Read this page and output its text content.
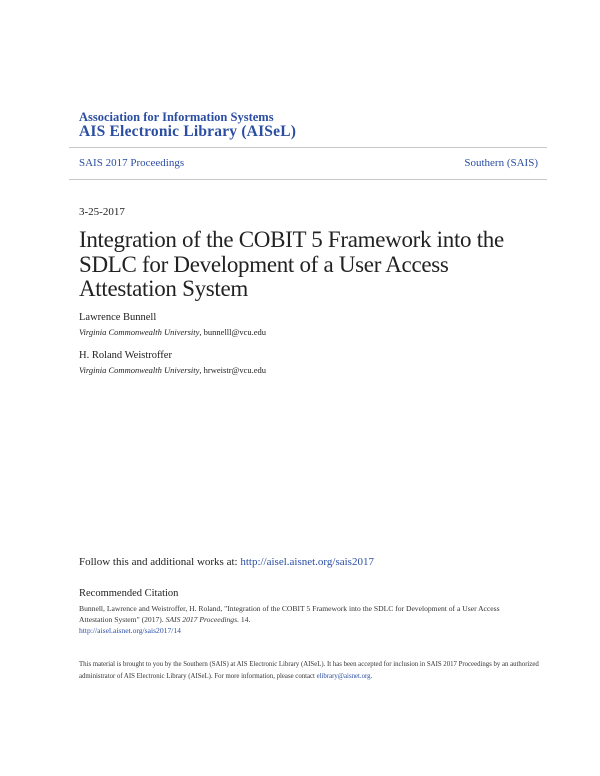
Association for Information Systems
AIS Electronic Library (AISeL)
SAIS 2017 Proceedings	Southern (SAIS)
3-25-2017
Integration of the COBIT 5 Framework into the SDLC for Development of a User Access Attestation System
Lawrence Bunnell
Virginia Commonwealth University, bunnelll@vcu.edu
H. Roland Weistroffer
Virginia Commonwealth University, hrweistr@vcu.edu
Follow this and additional works at: http://aisel.aisnet.org/sais2017
Recommended Citation
Bunnell, Lawrence and Weistroffer, H. Roland, "Integration of the COBIT 5 Framework into the SDLC for Development of a User Access Attestation System" (2017). SAIS 2017 Proceedings. 14.
http://aisel.aisnet.org/sais2017/14
This material is brought to you by the Southern (SAIS) at AIS Electronic Library (AISeL). It has been accepted for inclusion in SAIS 2017 Proceedings by an authorized administrator of AIS Electronic Library (AISeL). For more information, please contact elibrary@aisnet.org.
